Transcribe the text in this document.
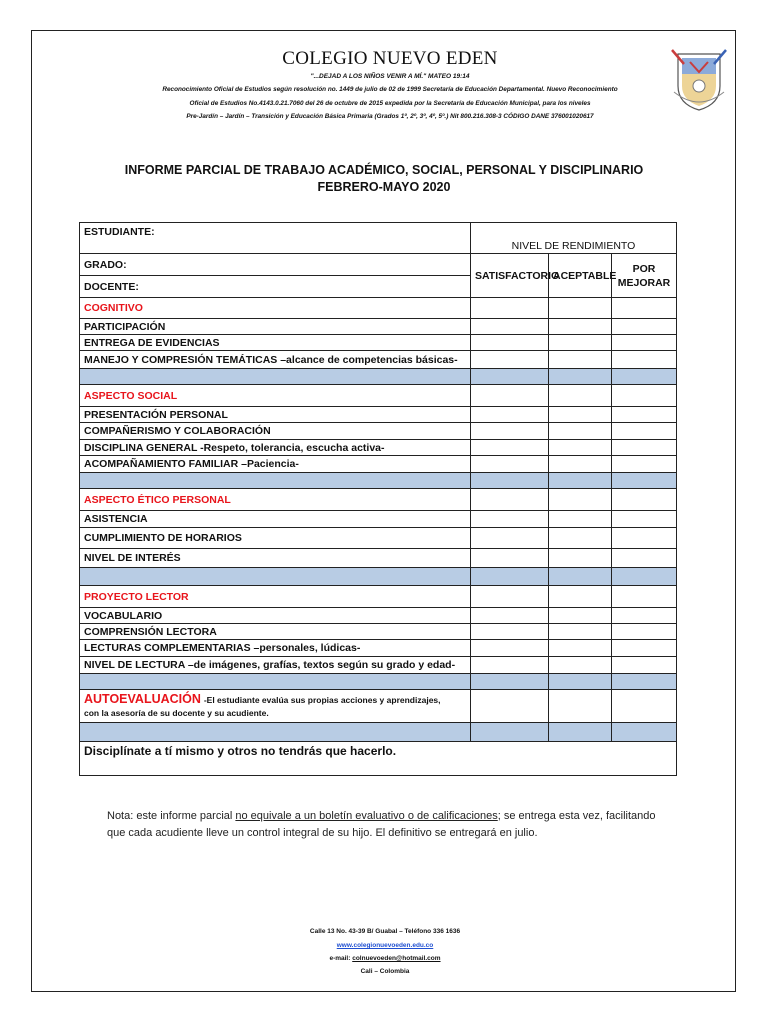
COLEGIO NUEVO EDEN
"...DEJAD A LOS NIÑOS VENIR A MÍ." MATEO 19:14
Reconocimiento Oficial de Estudios según resolución no. 1449 de julio de 02 de 1999 Secretaría de Educación Departamental. Nuevo Reconocimiento
Oficial de Estudios No.4143.0.21.7060 del 26 de octubre de 2015 expedida por la Secretaría de Educación Municipal, para los niveles
Pre-Jardín – Jardín – Transición y Educación Básica Primaria (Grados 1º, 2º, 3º, 4º, 5º.) Nit 800.216.308-3 CÓDIGO DANE 376001020617
INFORME PARCIAL DE TRABAJO ACADÉMICO, SOCIAL, PERSONAL Y DISCIPLINARIO
FEBRERO-MAYO 2020
ESTUDIANTE:	NIVEL DE RENDIMIENTO		
GRADO:	SATISFACTORIO	ACEPTABLE	POR MEJORAR
DOCENTE:			
COGNITIVO			
PARTICIPACIÓN			
ENTREGA DE EVIDENCIAS			
MANEJO Y COMPRESIÓN TEMÁTICAS –alcance de competencias básicas-			

ASPECTO SOCIAL			
PRESENTACIÓN PERSONAL			
COMPAÑERISMO Y COLABORACIÓN			
DISCIPLINA GENERAL -Respeto, tolerancia, escucha activa-			
ACOMPAÑAMIENTO FAMILIAR –Paciencia-			

ASPECTO ÉTICO PERSONAL			
ASISTENCIA			
CUMPLIMIENTO DE HORARIOS			
NIVEL DE INTERÉS			

PROYECTO LECTOR			
VOCABULARIO			
COMPRENSIÓN LECTORA			
LECTURAS COMPLEMENTARIAS –personales, lúdicas-			
NIVEL DE LECTURA –de imágenes, grafías, textos según su grado y edad-			

AUTOEVALUACIÓN -El estudiante evalúa sus propias acciones y aprendizajes,
con la asesoría de su docente y su acudiente.			

Disciplínate a tí mismo y otros no tendrás que hacerlo.			
Nota: este informe parcial no equivale a un boletín evaluativo o de calificaciones; se entrega esta vez, facilitando que cada acudiente lleve un control integral de su hijo. El definitivo se entregará en julio.
Calle 13 No. 43-39 B/ Guabal – Teléfono 336 1636
www.colegionuevoeden.edu.co
e-mail: colnuevoeden@hotmail.com
Cali – Colombia
